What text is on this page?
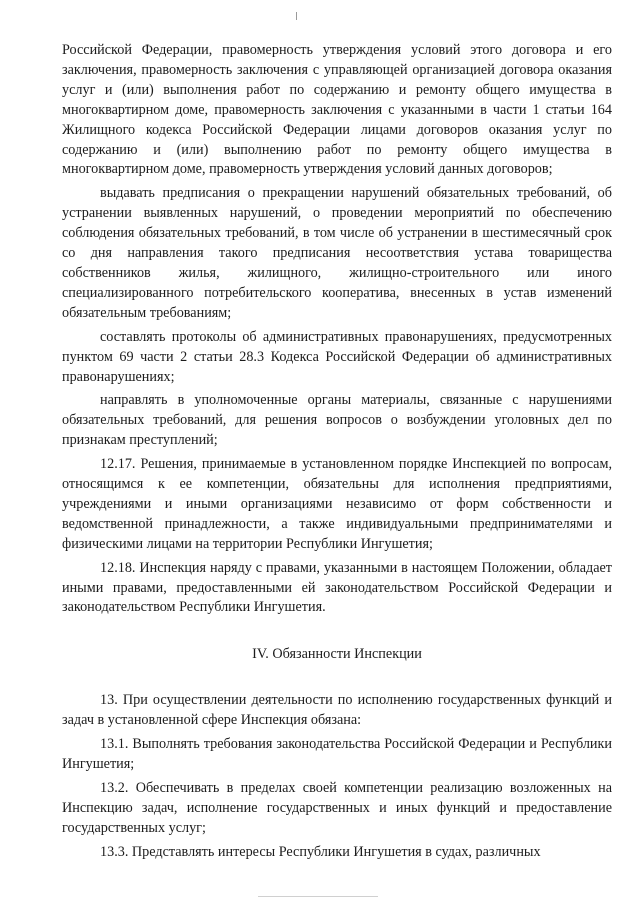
Российской Федерации, правомерность утверждения условий этого договора и его заключения, правомерность заключения с управляющей организацией договора оказания услуг и (или) выполнения работ по содержанию и ремонту общего имущества в многоквартирном доме, правомерность заключения с указанными в части 1 статьи 164 Жилищного кодекса Российской Федерации лицами договоров оказания услуг по содержанию и (или) выполнению работ по ремонту общего имущества в многоквартирном доме, правомерность утверждения условий данных договоров;

выдавать предписания о прекращении нарушений обязательных требований, об устранении выявленных нарушений, о проведении мероприятий по обеспечению соблюдения обязательных требований, в том числе об устранении в шестимесячный срок со дня направления такого предписания несоответствия устава товарищества собственников жилья, жилищного, жилищно-строительного или иного специализированного потребительского кооператива, внесенных в устав изменений обязательным требованиям;

составлять протоколы об административных правонарушениях, предусмотренных пунктом 69 части 2 статьи 28.3 Кодекса Российской Федерации об административных правонарушениях;

направлять в уполномоченные органы материалы, связанные с нарушениями обязательных требований, для решения вопросов о возбуждении уголовных дел по признакам преступлений;

12.17. Решения, принимаемые в установленном порядке Инспекцией по вопросам, относящимся к ее компетенции, обязательны для исполнения предприятиями, учреждениями и иными организациями независимо от форм собственности и ведомственной принадлежности, а также индивидуальными предпринимателями и физическими лицами на территории Республики Ингушетия;

12.18. Инспекция наряду с правами, указанными в настоящем Положении, обладает иными правами, предоставленными ей законодательством Российской Федерации и законодательством Республики Ингушетия.

IV. Обязанности Инспекции

13. При осуществлении деятельности по исполнению государственных функций и задач в установленной сфере Инспекция обязана:

13.1. Выполнять требования законодательства Российской Федерации и Республики Ингушетия;

13.2. Обеспечивать в пределах своей компетенции реализацию возложенных на Инспекцию задач, исполнение государственных и иных функций и предоставление государственных услуг;

13.3. Представлять интересы Республики Ингушетия в судах, различных
